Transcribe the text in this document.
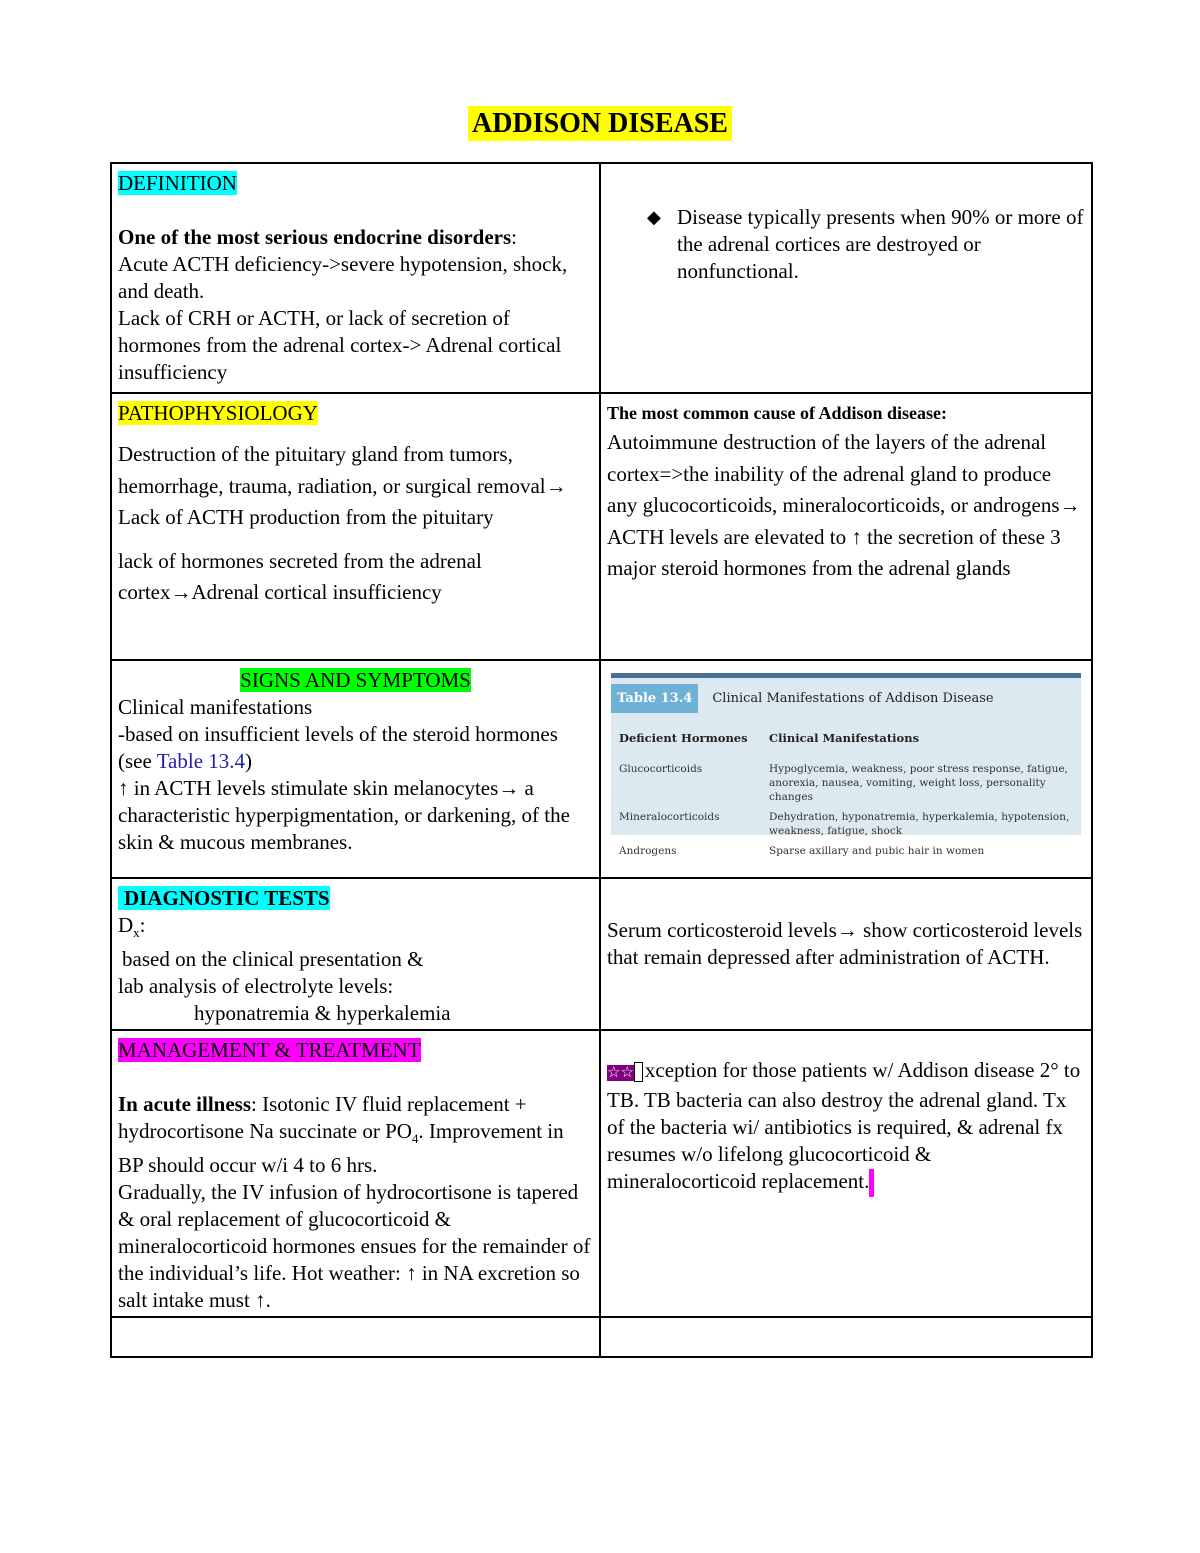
ADDISON DISEASE
DEFINITION
One of the most serious endocrine disorders:
Acute ACTH deficiency->severe hypotension, shock, and death.
Lack of CRH or ACTH, or lack of secretion of hormones from the adrenal cortex-> Adrenal cortical insufficiency

◆ Disease typically presents when 90% or more of the adrenal cortices are destroyed or nonfunctional.

PATHOPHYSIOLOGY
Destruction of the pituitary gland from tumors, hemorrhage, trauma, radiation, or surgical removal→ Lack of ACTH production from the pituitary
lack of hormones secreted from the adrenal cortex→Adrenal cortical insufficiency

The most common cause of Addison disease:
Autoimmune destruction of the layers of the adrenal cortex=>the inability of the adrenal gland to produce any glucocorticoids, mineralocorticoids, or androgens→ ACTH levels are elevated to ↑ the secretion of these 3 major steroid hormones from the adrenal glands

SIGNS AND SYMPTOMS
Clinical manifestations
-based on insufficient levels of the steroid hormones (see Table 13.4)
↑ in ACTH levels stimulate skin melanocytes→ a characteristic hyperpigmentation, or darkening, of the skin & mucous membranes.

Table 13.4	Clinical Manifestations of Addison Disease
Deficient Hormones	Clinical Manifestations
Glucocorticoids	Hypoglycemia, weakness, poor stress response, fatigue, anorexia, nausea, vomiting, weight loss, personality changes
Mineralocorticoids	Dehydration, hyponatremia, hyperkalemia, hypotension, weakness, fatigue, shock
Androgens	Sparse axillary and pubic hair in women

DIAGNOSTIC TESTS
$D_x$:
based on the clinical presentation &
lab analysis of electrolyte levels:
hyponatremia & hyperkalemia

Serum corticosteroid levels→ show corticosteroid levels that remain depressed after administration of ACTH.

MANAGEMENT & TREATMENT
In acute illness: Isotonic IV fluid replacement + hydrocortisone Na succinate or $PO_4$. Improvement in BP should occur w/i 4 to 6 hrs.
Gradually, the IV infusion of hydrocortisone is tapered & oral replacement of glucocorticoid & mineralocorticoid hormones ensues for the remainder of the individual’s life. Hot weather: ↑ in NA excretion so salt intake must ↑.

☆☆ xception for those patients w/ Addison disease 2° to TB. TB bacteria can also destroy the adrenal gland. Tx of the bacteria wi/ antibiotics is required, & adrenal fx resumes w/o lifelong glucocorticoid & mineralocorticoid replacement.
